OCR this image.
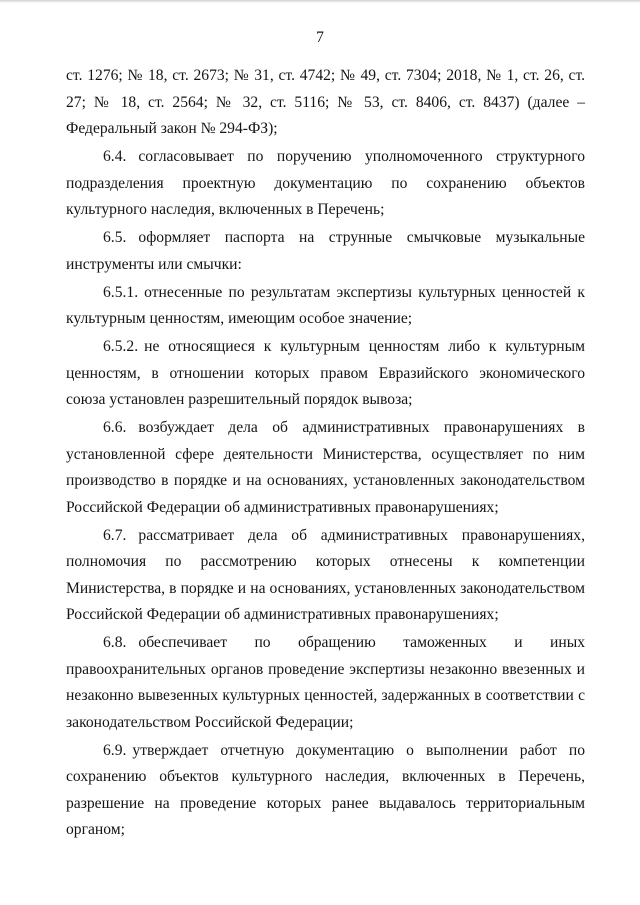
7

ст. 1276; № 18, ст. 2673; № 31, ст. 4742; № 49, ст. 7304; 2018, № 1, ст. 26, ст. 27; № 18, ст. 2564; № 32, ст. 5116; № 53, ст. 8406, ст. 8437) (далее – Федеральный закон № 294-ФЗ);

6.4. согласовывает по поручению уполномоченного структурного подразделения проектную документацию по сохранению объектов культурного наследия, включенных в Перечень;

6.5. оформляет паспорта на струнные смычковые музыкальные инструменты или смычки:

6.5.1. отнесенные по результатам экспертизы культурных ценностей к культурным ценностям, имеющим особое значение;

6.5.2. не относящиеся к культурным ценностям либо к культурным ценностям, в отношении которых правом Евразийского экономического союза установлен разрешительный порядок вывоза;

6.6. возбуждает дела об административных правонарушениях в установленной сфере деятельности Министерства, осуществляет по ним производство в порядке и на основаниях, установленных законодательством Российской Федерации об административных правонарушениях;

6.7. рассматривает дела об административных правонарушениях, полномочия по рассмотрению которых отнесены к компетенции Министерства, в порядке и на основаниях, установленных законодательством Российской Федерации об административных правонарушениях;

6.8. обеспечивает по обращению таможенных и иных правоохранительных органов проведение экспертизы незаконно ввезенных и незаконно вывезенных культурных ценностей, задержанных в соответствии с законодательством Российской Федерации;

6.9. утверждает отчетную документацию о выполнении работ по сохранению объектов культурного наследия, включенных в Перечень, разрешение на проведение которых ранее выдавалось территориальным органом;
